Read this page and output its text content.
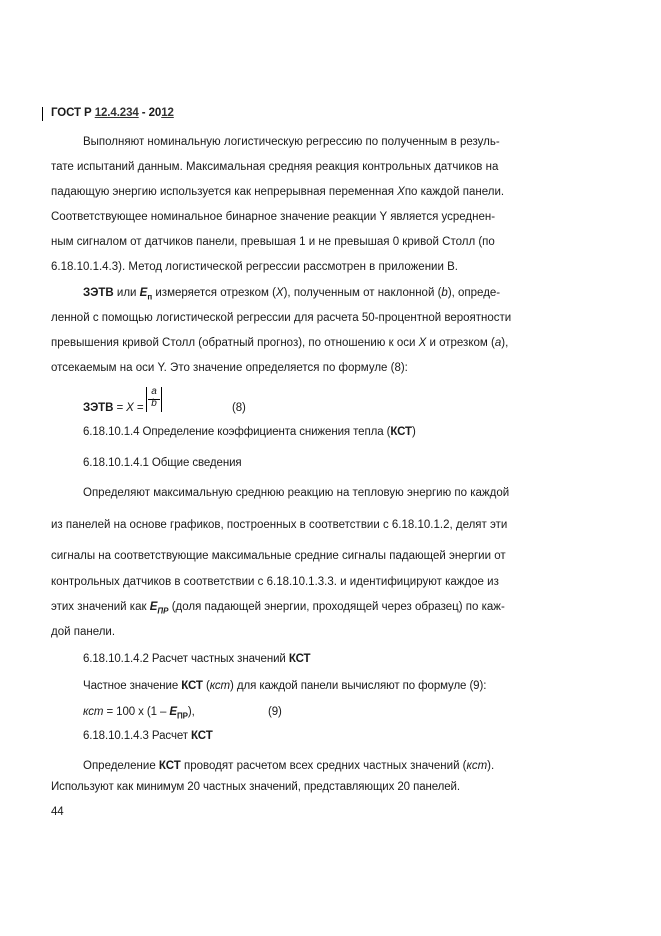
ГОСТ Р 12.4.234 - 2012
Выполняют номинальную логистическую регрессию по полученным в резуль-
тате испытаний данным. Максимальная средняя реакция контрольных датчиков на
падающую энергию используется как непрерывная переменная Xпо каждой панели.
Соответствующее номинальное бинарное значение реакции Y является усреднен-
ным сигналом от датчиков панели, превышая 1 и не превышая 0 кривой Столл (по
6.18.10.1.4.3). Метод логистической регрессии рассмотрен в приложении В.
ЗЭТВ или $E_п$ измеряется отрезком (X), полученным от наклонной (b), опреде-
ленной с помощью логистической регрессии для расчета 50-процентной вероятности
превышения кривой Столл (обратный прогноз), по отношению к оси X и отрезком (a),
отсекаемым на оси Y. Это значение определяется по формуле (8):
ЗЭТВ = X =
a
b	(8)
6.18.10.1.4 Определение коэффициента снижения тепла (КСТ)
6.18.10.1.4.1 Общие сведения
Определяют максимальную среднюю реакцию на тепловую энергию по каждой
из панелей на основе графиков, построенных в соответствии с 6.18.10.1.2, делят эти
сигналы на соответствующие максимальные средние сигналы падающей энергии от
контрольных датчиков в соответствии с 6.18.10.1.3.3. и идентифицируют каждое из
этих значений как $E_{ПР}$ (доля падающей энергии, проходящей через образец) по каж-
дой панели.
6.18.10.1.4.2 Расчет частных значений КСТ
Частное значение КСТ (кст) для каждой панели вычисляют по формуле (9):
кст = 100 x $(1 - E_{ПР})$,	(9)
6.18.10.1.4.3 Расчет КСТ
Определение КСТ проводят расчетом всех средних частных значений (кст).
Используют как минимум 20 частных значений, представляющих 20 панелей.
44
